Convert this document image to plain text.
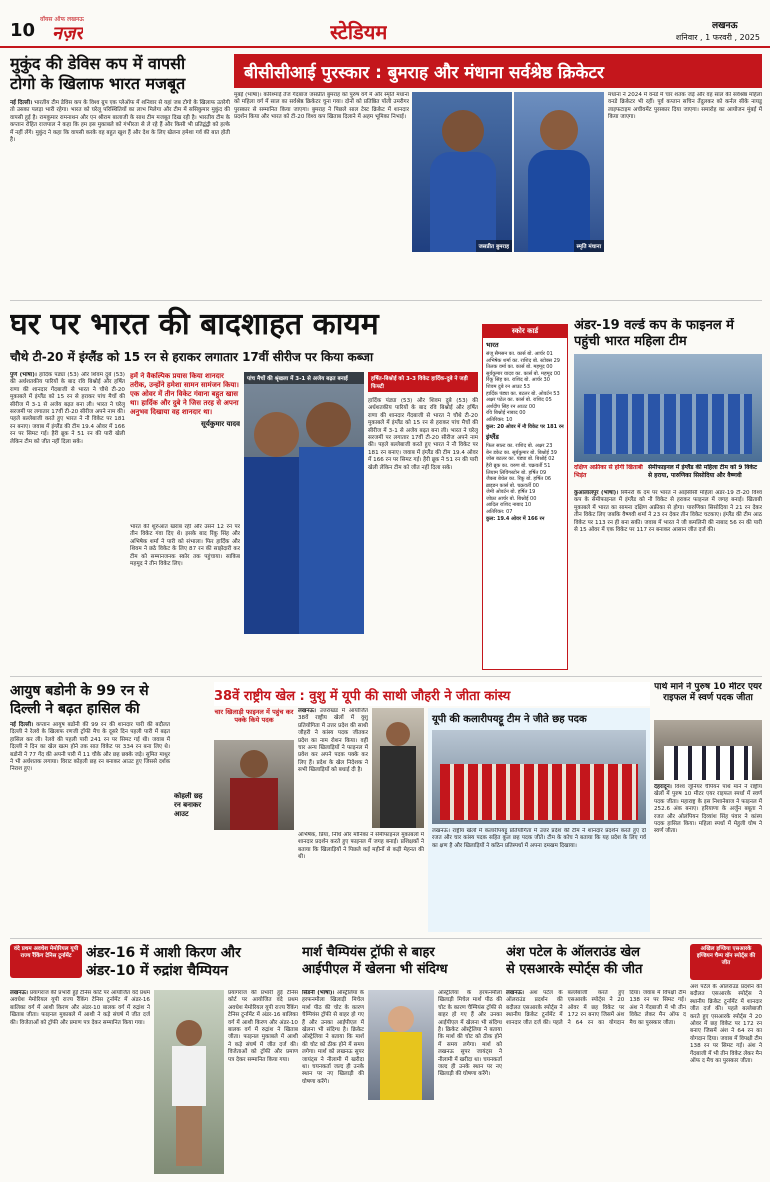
10
वॉयस ऑफ लखनऊ
नज़र	स्टेडियम	लखनऊ
शनिवार , 1 फरवरी , 2025
मुकुंद की डेविस कप में वापसी
टोगो के खिलाफ भारत मजबूत
नई दिल्ली। भारतीय टीम डेविस कप के विश्व ग्रुप एक प्लेऑफ में शनिवार से यहां जब टोगो के खिलाफ उतरेगी तो उसका पलड़ा भारी रहेगा। भारत को घरेलू परिस्थितियों का लाभ मिलेगा और टीम में ससिकुमार मुकुंद की वापसी हुई है। रामकुमार रामनाथन और एन श्रीराम बालाजी के साथ टीम मजबूत दिख रही है। भारतीय टीम के कप्तान रोहित राजपाल ने कहा कि हम इस मुकाबले को गंभीरता से ले रहे हैं और किसी भी प्रतिद्वंद्वी को हल्के में नहीं लेंगे। मुकुंद ने कहा कि वापसी करके वह बहुत खुश हैं और देश के लिए खेलना हमेशा गर्व की बात होती है।
बीसीसीआई पुरस्कार : बुमराह और मंधाना सर्वश्रेष्ठ क्रिकेटर
मुंबई (भाषा)। करिश्माई तेज गेंदबाज जसप्रीत बुमराह को पुरुष वर्ग में और स्मृति मंधाना को महिला वर्ग में साल का सर्वश्रेष्ठ क्रिकेटर चुना गया। दोनों को प्रतिष्ठित पॉली उमरीगर पुरस्कार से सम्मानित किया जाएगा। बुमराह ने पिछले साल टेस्ट क्रिकेट में शानदार प्रदर्शन किया और भारत को टी-20 विश्व कप खिताब दिलाने में अहम भूमिका निभाई।
जसप्रीत बुमराह	स्मृति मंधाना
मंधाना ने 2024 में वनडे में चार शतक जड़े और वह साल की सर्वश्रेष्ठ महिला वनडे क्रिकेटर भी रहीं। पूर्व कप्तान सचिन तेंदुलकर को कर्नल सीके नायडू लाइफटाइम अचीवमेंट पुरस्कार दिया जाएगा। समारोह का आयोजन मुंबई में किया जाएगा।
घर पर भारत की बादशाहत कायम
चौथे टी-20 में इंग्लैंड को 15 रन से हराकर लगातार 17वीं सीरीज पर किया कब्जा
पुणे (भाषा)। हार्दिक पंड्या (53) और शिवम दुबे (53) की अर्धशतकीय पारियों के बाद रवि बिश्नोई और हर्षित राणा की शानदार गेंदबाजी से भारत ने चौथे टी-20 मुकाबले में इंग्लैंड को 15 रन से हराकर पांच मैचों की सीरीज में 3-1 से अजेय बढ़त बना ली। भारत ने घरेलू सरजमीं पर लगातार 17वीं टी-20 सीरीज अपने नाम की। पहले बल्लेबाजी करते हुए भारत ने नौ विकेट पर 181 रन बनाए। जवाब में इंग्लैंड की टीम 19.4 ओवर में 166 रन पर सिमट गई। हैरी ब्रूक ने 51 रन की पारी खेली लेकिन टीम को जीत नहीं दिला सके।
हमें ने वैकल्पिक प्रयास किया शानदार तरीक, उन्होंने हमेशा सामन सामंजन किया। एक ओवर में तीन विकेट गंवाना बहुत खास था। हार्दिक और दुबे ने जिस तरह से अपना अनुभव दिखाया वह शानदार था।
सूर्यकुमार यादव
भारत की शुरुआत खराब रही और उसने 12 रन पर तीन विकेट गंवा दिए थे। इसके बाद रिंकू सिंह और अभिषेक शर्मा ने पारी को संभाला। फिर हार्दिक और शिवम ने छठे विकेट के लिए 87 रन की साझेदारी कर टीम को सम्मानजनक स्कोर तक पहुंचाया। साकिब महमूद ने तीन विकेट लिए।
पांच मैचों की श्रृंखला में 3-1 से अजेय बढ़त बनाई	हर्षित-बिश्नोई को 3-3 विकेट हार्दिक-दुबे ने जड़ी फिफ्टी
हार्दिक पंड्या (53) और शिवम दुबे (53) की अर्धशतकीय पारियों के बाद रवि बिश्नोई और हर्षित राणा की शानदार गेंदबाजी से भारत ने चौथे टी-20 मुकाबले में इंग्लैंड को 15 रन से हराकर पांच मैचों की सीरीज में 3-1 से अजेय बढ़त बना ली। भारत ने घरेलू सरजमीं पर लगातार 17वीं टी-20 सीरीज अपने नाम की। पहले बल्लेबाजी करते हुए भारत ने नौ विकेट पर 181 रन बनाए। जवाब में इंग्लैंड की टीम 19.4 ओवर में 166 रन पर सिमट गई। हैरी ब्रूक ने 51 रन की पारी खेली लेकिन टीम को जीत नहीं दिला सके।
स्कोर कार्ड
भारत
संजू सैमसन का. कार्स बो. आर्चर 01
अभिषेक शर्मा का. राशिद बो. स्टोक्स 29
तिलक वर्मा का. कार्स बो. महमूद 00
सूर्यकुमार यादव का. कार्स बो. महमूद 00
रिंकू सिंह का. राशिद बो. आर्चर 30
शिवम दुबे रन आउट 53
हार्दिक पंड्या का. बटलर बो. ओवर्टन 53
अक्षर पटेल का. कार्स बो. राशिद 05
अर्शदीप सिंह रन आउट 00
रवि बिश्नोई नाबाद 00
अतिरिक्त: 10
कुल: 20 ओवर में नौ विकेट पर 181 रन
इंग्लैंड
फिल साल्ट का. राशिद बो. अक्षर 23
बेन डकेट का. सूर्यकुमार बो. बिश्नोई 39
जोस बटलर का. पंड्या बो. बिश्नोई 02
हैरी ब्रूक का. वरुण बो. चक्रवर्ती 51
लियाम लिविंगस्टोन बो. हर्षित 09
जैकब बेथेल का. रिंकू बो. हर्षित 06
ब्राइडन कार्स बो. चक्रवर्ती 00
जेमी ओवर्टन बो. हर्षित 19
जोफ्रा आर्चर बो. बिश्नोई 00
आदिल राशिद नाबाद 10
अतिरिक्त: 07
कुल: 19.4 ओवर में 166 रन
अंडर-19 वर्ल्ड कप के फाइनल में पहुंची भारत महिला टीम
दक्षिण अफ्रीका से होगी खिताबी भिड़ंत
सेमीफाइनल में इंग्लैंड की महिला टीम को 9 विकेट से हराया, पारुणिका सिसोदिया और वैष्णवी
कुआलालंपुर (भाषा)। स्पिनरों के दम पर भारत ने आईसीसी महिला अंडर-19 टी-20 विश्व कप के सेमीफाइनल में इंग्लैंड को नौ विकेट से हराकर फाइनल में जगह बनाई। खिताबी मुकाबले में भारत का सामना दक्षिण अफ्रीका से होगा। पारुणिका सिसोदिया ने 21 रन देकर तीन विकेट लिए जबकि वैष्णवी शर्मा ने 23 रन देकर तीन विकेट चटकाए। इंग्लैंड की टीम आठ विकेट पर 113 रन ही बना सकी। जवाब में भारत ने जी कमलिनी की नाबाद 56 रन की पारी से 15 ओवर में एक विकेट पर 117 रन बनाकर आसान जीत दर्ज की।
आयुष बडोनी के 99 रन से
दिल्ली ने बढ़त हासिल की
नई दिल्ली। कप्तान आयुष बडोनी की 99 रन की शानदार पारी की बदौलत दिल्ली ने रेलवे के खिलाफ रणजी ट्रॉफी मैच के दूसरे दिन पहली पारी में बढ़त हासिल कर ली। रेलवे की पहली पारी 241 रन पर सिमट गई थी। जवाब में दिल्ली ने दिन का खेल खत्म होने तक सात विकेट पर 334 रन बना लिए थे। बडोनी ने 77 गेंद की अपनी पारी में 11 चौके और छह छक्के जड़े। सुमित माथुर ने भी अर्धशतक लगाया। विराट कोहली छह रन बनाकर आउट हुए जिससे दर्शक निराश हुए।
कोहली छह रन बनाकर आउट
38वें राष्ट्रीय खेल : वुशु में यूपी की साथी जौहरी ने जीता कांस्य
चार खिलाड़ी फाइनल में पहुंच कर पक्के किये पदक
लखनऊ। उत्तराखंड में आयोजित 38वें राष्ट्रीय खेलों में वुशु प्रतियोगिता में उत्तर प्रदेश की साथी जौहरी ने कांस्य पदक जीतकर प्रदेश का नाम रोशन किया। वहीं चार अन्य खिलाड़ियों ने फाइनल में प्रवेश कर अपने पदक पक्के कर लिए हैं। प्रदेश के खेल निदेशक ने सभी खिलाड़ियों को बधाई दी है।
अभिषेक, प्रिया, निधि और मोनिका ने सेमीफाइनल मुकाबलों में शानदार प्रदर्शन करते हुए फाइनल में जगह बनाई। प्रशिक्षकों ने बताया कि खिलाड़ियों ने पिछले कई महीनों से कड़ी मेहनत की थी।
यूपी की कलारीपयट्टू टीम ने जीते छह पदक
लखनऊ। राष्ट्रीय खेलों में कलारीपयट्टू प्रतियोगिता में उत्तर प्रदेश की टीम ने शानदार प्रदर्शन करते हुए दो रजत और चार कांस्य पदक सहित कुल छह पदक जीते। टीम के कोच ने बताया कि यह प्रदेश के लिए गर्व का क्षण है और खिलाड़ियों ने कठिन प्रतिस्पर्धा में अपना दमखम दिखाया।
पार्थ माने ने पुरुष 10 मीटर एयर राइफल में स्वर्ण पदक जीता
देहरादून। विश्व जूनियर चैंपियन पार्थ माने ने राष्ट्रीय खेलों में पुरुष 10 मीटर एयर राइफल स्पर्धा में स्वर्ण पदक जीता। महाराष्ट्र के इस निशानेबाज ने फाइनल में 252.6 अंक बनाए। हरियाणा के अर्जुन बबूता ने रजत और ओलंपियन दिव्यांश सिंह पंवार ने कांस्य पदक हासिल किया। महिला स्पर्धा में मेहुली घोष ने स्वर्ण जीता।
वंदे प्रथम अवधेश मेमोरियल यूपी राज्य रैंकिंग टेनिस टूर्नामेंट	अंडर-16 में आशी किरण और
अंडर-10 में रुद्रांश चैम्पियन
लखनऊ। प्रयागराज की प्रभारी हुई टेनिस कोर्ट पर आयोजित वंदे प्रथम अवधेश मेमोरियल यूपी राज्य रैंकिंग टेनिस टूर्नामेंट में अंडर-16 बालिका वर्ग में आशी किरण और अंडर-10 बालक वर्ग में रुद्रांश ने खिताब जीता। फाइनल मुकाबले में आशी ने कड़े संघर्ष में जीत दर्ज की। विजेताओं को ट्रॉफी और प्रमाण पत्र देकर सम्मानित किया गया।
प्रयागराज की प्रभारी हुई टेनिस कोर्ट पर आयोजित वंदे प्रथम अवधेश मेमोरियल यूपी राज्य रैंकिंग टेनिस टूर्नामेंट में अंडर-16 बालिका वर्ग में आशी किरण और अंडर-10 बालक वर्ग में रुद्रांश ने खिताब जीता। फाइनल मुकाबले में आशी ने कड़े संघर्ष में जीत दर्ज की। विजेताओं को ट्रॉफी और प्रमाण पत्र देकर सम्मानित किया गया।
मार्श चैम्पियंस ट्रॉफी से बाहर
आईपीएल में खेलना भी संदिग्ध
सिडनी (भाषा)। ऑस्ट्रेलिया के हरफनमौला खिलाड़ी मिचेल मार्श पीठ की चोट के कारण चैम्पियंस ट्रॉफी से बाहर हो गए हैं और उनका आईपीएल में खेलना भी संदिग्ध है। क्रिकेट ऑस्ट्रेलिया ने बताया कि मार्श की चोट को ठीक होने में समय लगेगा। मार्श को लखनऊ सुपर जायंट्स ने नीलामी में खरीदा था। चयनकर्ता जल्द ही उनके स्थान पर नए खिलाड़ी की घोषणा करेंगे।
ऑस्ट्रेलिया के हरफनमौला खिलाड़ी मिचेल मार्श पीठ की चोट के कारण चैम्पियंस ट्रॉफी से बाहर हो गए हैं और उनका आईपीएल में खेलना भी संदिग्ध है। क्रिकेट ऑस्ट्रेलिया ने बताया कि मार्श की चोट को ठीक होने में समय लगेगा। मार्श को लखनऊ सुपर जायंट्स ने नीलामी में खरीदा था। चयनकर्ता जल्द ही उनके स्थान पर नए खिलाड़ी की घोषणा करेंगे।
अंश पटेल के ऑलराउंड खेल
से एसआरके स्पोर्ट्स की जीत
लखनऊ। अंश पटेल के ऑलराउंड प्रदर्शन की बदौलत एसआरके स्पोर्ट्स ने स्थानीय क्रिकेट टूर्नामेंट में शानदार जीत दर्ज की। पहले बल्लेबाजी करते हुए एसआरके स्पोर्ट्स ने 20 ओवर में छह विकेट पर 172 रन बनाए जिसमें अंश ने 64 रन का योगदान दिया। जवाब में विपक्षी टीम 138 रन पर सिमट गई। अंश ने गेंदबाजी में भी तीन विकेट लेकर मैन ऑफ द मैच का पुरस्कार जीता।
अखिल इण्डिया एसआरके इण्डियन चैम्प वॉन स्पोर्ट्स की जीत
अंश पटेल के ऑलराउंड प्रदर्शन की बदौलत एसआरके स्पोर्ट्स ने स्थानीय क्रिकेट टूर्नामेंट में शानदार जीत दर्ज की। पहले बल्लेबाजी करते हुए एसआरके स्पोर्ट्स ने 20 ओवर में छह विकेट पर 172 रन बनाए जिसमें अंश ने 64 रन का योगदान दिया। जवाब में विपक्षी टीम 138 रन पर सिमट गई। अंश ने गेंदबाजी में भी तीन विकेट लेकर मैन ऑफ द मैच का पुरस्कार जीता।
